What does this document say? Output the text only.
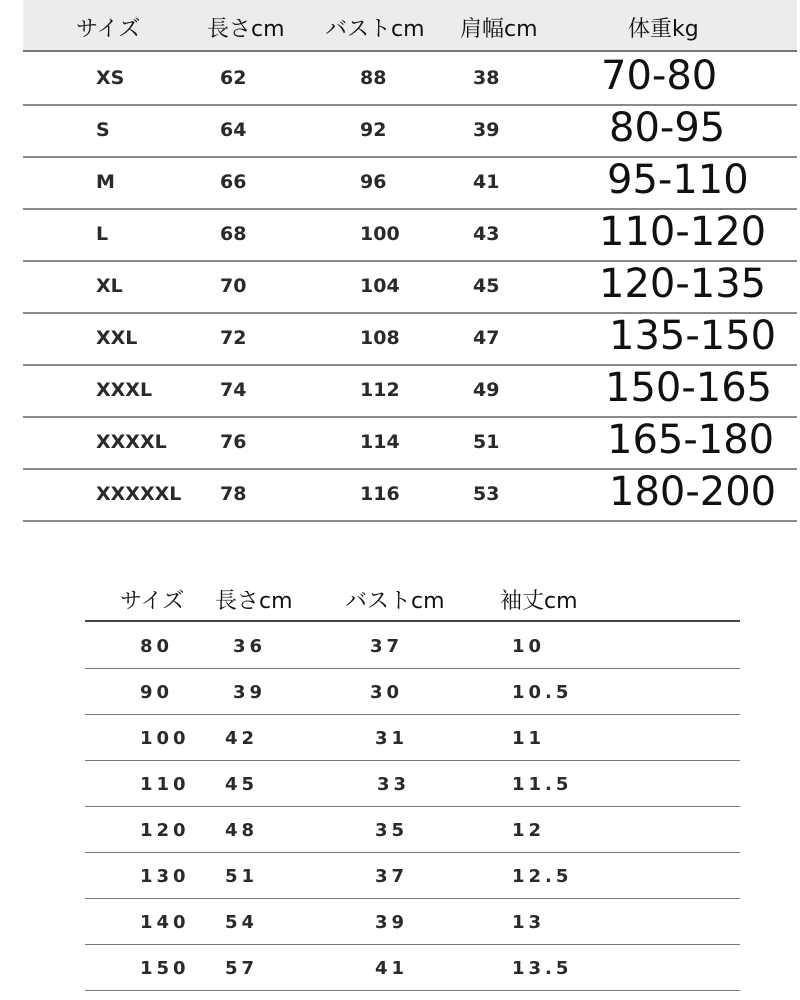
サイズ	長さcm バストcm 肩幅cm	体重kg
XS	62	88	38	70-80
S	64	92	39	80-95
M	66	96	41	95-110
L	68	100	43 110-120
XL	70	104	45 120-135
XXL	72	108	47	135-150
XXXL	74	112	49	150-165
XXXXL	76	114	51	165-180
XXXXXL 78	116	53	180-200
サイズ 長さcm バストcm	袖丈cm
80	36	37	10
90	39	30	10.5
100 42	31	11
110 45	33	11.5
120 48	35	12
130 51	37	12.5
140 54	39	13
150 57	41	13.5
